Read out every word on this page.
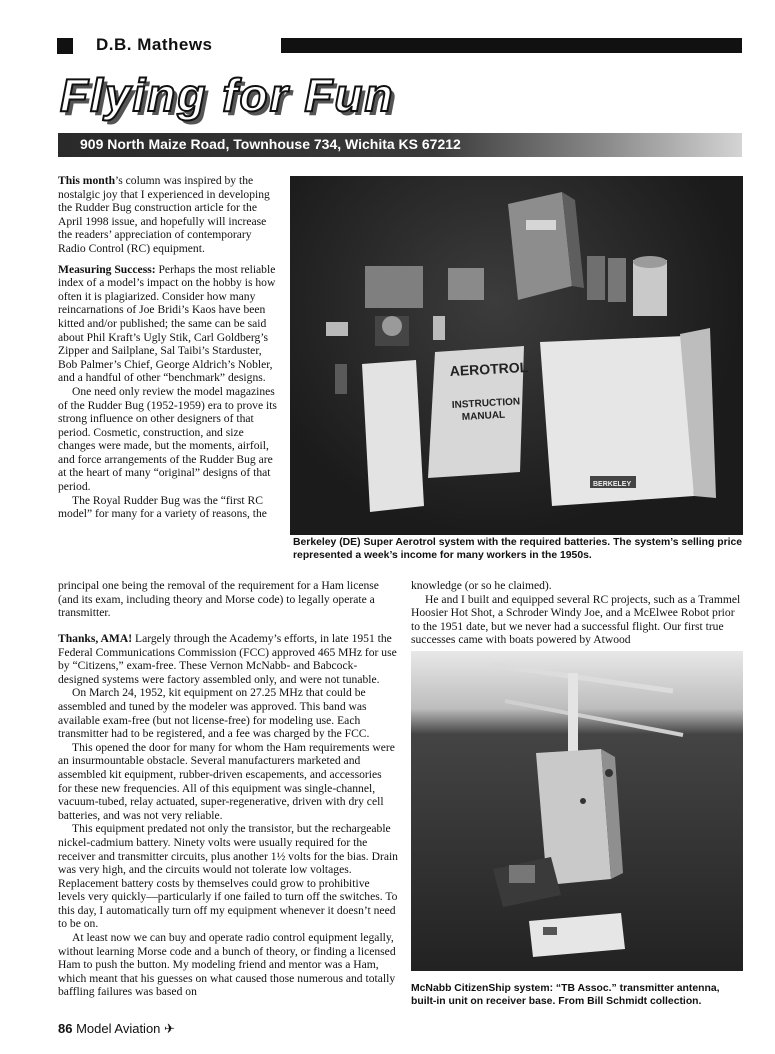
D.B. Mathews
Flying for Fun
909 North Maize Road, Townhouse 734, Wichita KS 67212

This month’s column was inspired by the nostalgic joy that I experienced in developing the Rudder Bug construction article for the April 1998 issue, and hopefully will increase the readers’ appreciation of contemporary Radio Control (RC) equipment.

Measuring Success: Perhaps the most reliable index of a model’s impact on the hobby is how often it is plagiarized. Consider how many reincarnations of Joe Bridi’s Kaos have been kitted and/or published; the same can be said about Phil Kraft’s Ugly Stik, Carl Goldberg’s Zipper and Sailplane, Sal Taibi’s Starduster, Bob Palmer’s Chief, George Aldrich’s Nobler, and a handful of other “benchmark” designs.

One need only review the model magazines of the Rudder Bug (1952-1959) era to prove its strong influence on other designers of that period. Cosmetic, construction, and size changes were made, but the moments, airfoil, and force arrangements of the Rudder Bug are at the heart of many “original” designs of that period.

The Royal Rudder Bug was the “first RC model” for many for a variety of reasons, the

AEROTROL
INSTRUCTION
MANUAL
BERKELEY
Berkeley (DE) Super Aerotrol system with the required batteries. The system’s selling price represented a week’s income for many workers in the 1950s.
principal one being the removal of the requirement for a Ham license (and its exam, including theory and Morse code) to legally operate a transmitter.

Thanks, AMA! Largely through the Academy’s efforts, in late 1951 the Federal Communications Commission (FCC) approved 465 MHz for use by “Citizens,” exam-free. These Vernon McNabb- and Babcock-designed systems were factory assembled only, and were not tunable.

On March 24, 1952, kit equipment on 27.25 MHz that could be assembled and tuned by the modeler was approved. This band was available exam-free (but not license-free) for modeling use. Each transmitter had to be registered, and a fee was charged by the FCC.

This opened the door for many for whom the Ham requirements were an insurmountable obstacle. Several manufacturers marketed and assembled kit equipment, rubber-driven escapements, and accessories for these new frequencies. All of this equipment was single-channel, vacuum-tubed, relay actuated, super-regenerative, driven with dry cell batteries, and was not very reliable.

This equipment predated not only the transistor, but the rechargeable nickel-cadmium battery. Ninety volts were usually required for the receiver and transmitter circuits, plus another 1½ volts for the bias. Drain was very high, and the circuits would not tolerate low voltages. Replacement battery costs by themselves could grow to prohibitive levels very quickly—particularly if one failed to turn off the switches. To this day, I automatically turn off my equipment whenever it doesn’t need to be on.

At least now we can buy and operate radio control equipment legally, without learning Morse code and a bunch of theory, or finding a licensed Ham to push the button. My modeling friend and mentor was a Ham, which meant that his guesses on what caused those numerous and totally baffling failures was based on

knowledge (or so he claimed).

He and I built and equipped several RC projects, such as a Trammel Hoosier Hot Shot, a Schroder Windy Joe, and a McElwee Robot prior to the 1951 date, but we never had a successful flight. Our first true successes came with boats powered by Atwood

McNabb CitizenShip system: “TB Assoc.” transmitter antenna, built-in unit on receiver base. From Bill Schmidt collection.
86 Model Aviation ✈
